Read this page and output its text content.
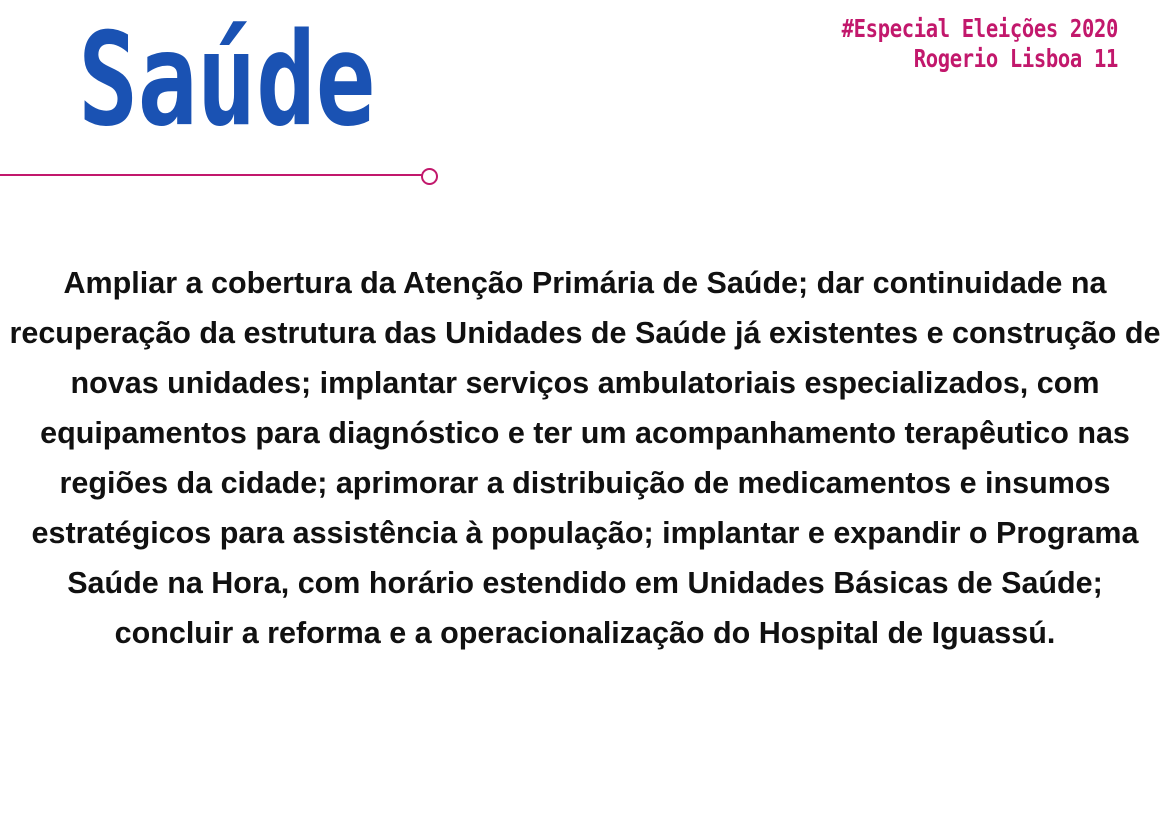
#Especial Eleições 2020
Rogerio Lisboa 11
Saúde
Ampliar a cobertura da Atenção Primária de Saúde; dar continuidade na recuperação da estrutura das Unidades de Saúde já existentes e construção de novas unidades; implantar serviços ambulatoriais especializados, com equipamentos para diagnóstico e ter um acompanhamento terapêutico nas regiões da cidade; aprimorar a distribuição de medicamentos e insumos estratégicos para assistência à população; implantar e expandir o Programa Saúde na Hora, com horário estendido em Unidades Básicas de Saúde; concluir a reforma e a operacionalização do Hospital de Iguassú.
